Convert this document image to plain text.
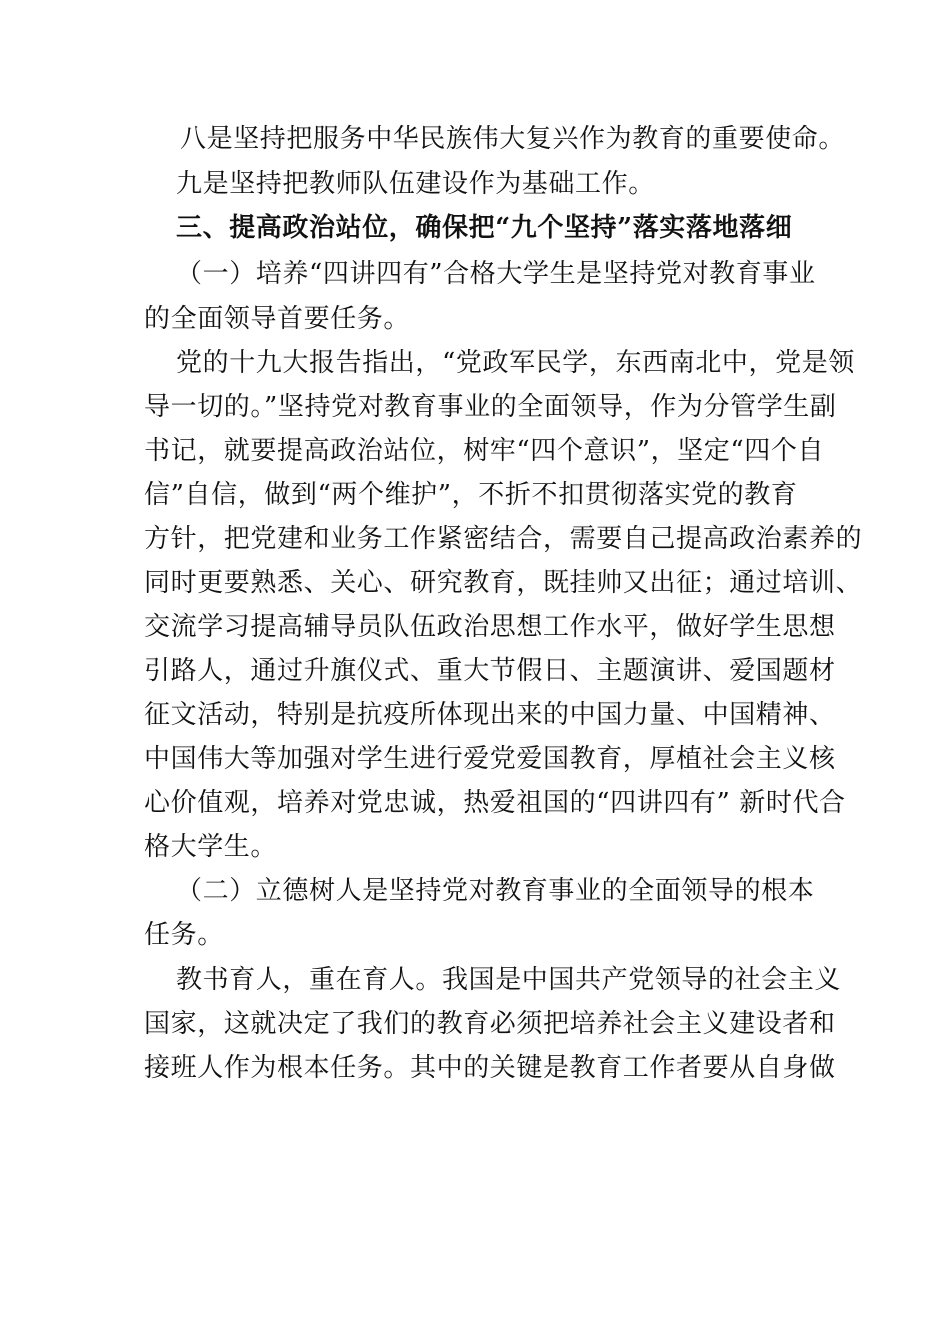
八是坚持把服务中华民族伟大复兴作为教育的重要使命。
九是坚持把教师队伍建设作为基础工作。
三、提高政治站位，确保把“九个坚持”落实落地落细
（一）培养“四讲四有”合格大学生是坚持党对教育事业
的全面领导首要任务。
党的十九大报告指出，“党政军民学，东西南北中，党是领
导一切的。”坚持党对教育事业的全面领导，作为分管学生副
书记，就要提高政治站位，树牢“四个意识”，坚定“四个自
信”自信，做到“两个维护”，不折不扣贯彻落实党的教育
方针，把党建和业务工作紧密结合，需要自己提高政治素养的
同时更要熟悉、关心、研究教育，既挂帅又出征；通过培训、
交流学习提高辅导员队伍政治思想工作水平，做好学生思想
引路人，通过升旗仪式、重大节假日、主题演讲、爱国题材
征文活动，特别是抗疫所体现出来的中国力量、中国精神、
中国伟大等加强对学生进行爱党爱国教育，厚植社会主义核
心价值观，培养对党忠诚，热爱祖国的“四讲四有” 新时代合
格大学生。
（二）立德树人是坚持党对教育事业的全面领导的根本
任务。
教书育人，重在育人。我国是中国共产党领导的社会主义
国家，这就决定了我们的教育必须把培养社会主义建设者和
接班人作为根本任务。其中的关键是教育工作者要从自身做
